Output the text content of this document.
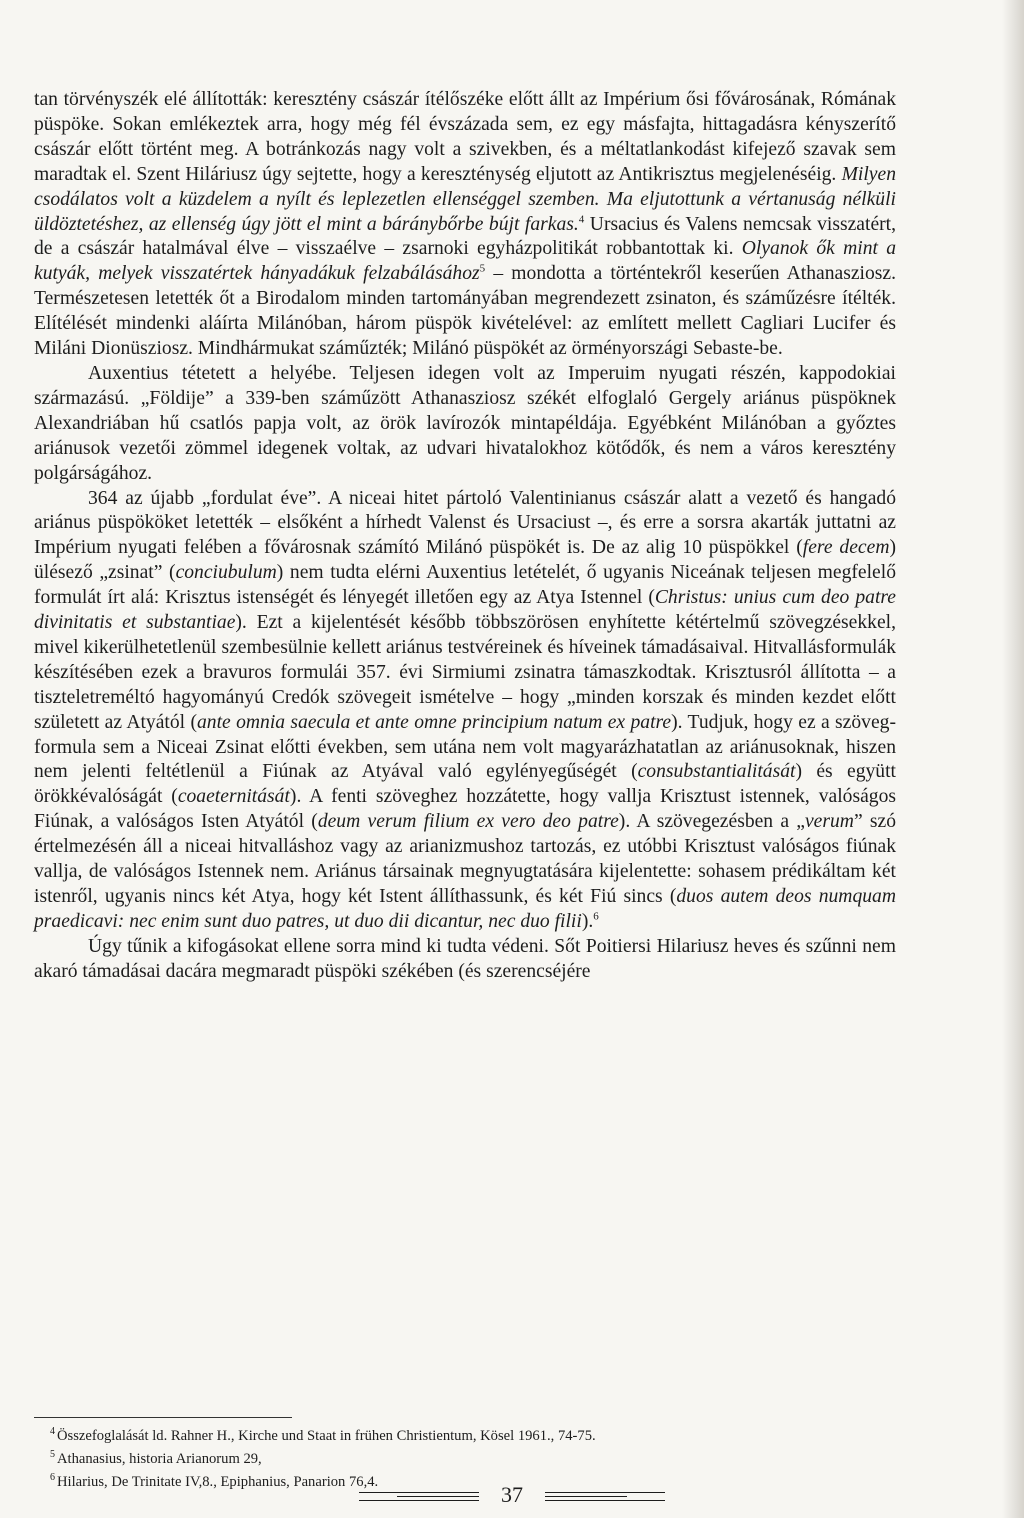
tan törvényszék elé állították: keresztény császár ítélőszéke előtt állt az Impérium ősi fővárosának, Rómának püspöke. Sokan emlékeztek arra, hogy még fél évszázada sem, ez egy másfajta, hittagadásra kényszerítő császár előtt történt meg. A botránkozás nagy volt a szivekben, és a méltatlankodást kifejező szavak sem maradtak el. Szent Hiláriusz úgy sejtette, hogy a kereszténység eljutott az Antikrisztus megjelenéséig. Milyen csodálatos volt a küzdelem a nyílt és leplezetlen ellenséggel szemben. Ma eljutottunk a vértanuság nélküli üldöztetéshez, az ellenség úgy jött el mint a báránybőrbe bújt farkas.$^4$ Ursacius és Valens nemcsak visszatért, de a császár hatalmával élve – visszaélve – zsarnoki egyházpolitikát robbantottak ki. Olyanok ők mint a kutyák, melyek visszatértek hányadákuk felzabálásához$^5$ – mondotta a történtekről keserűen Athanasziosz. Természetesen letették őt a Birodalom minden tartományában megrendezett zsinaton, és száműzésre ítélték. Elítélését mindenki aláírta Milánóban, három püspök kivételével: az említett mellett Cagliari Lucifer és Miláni Dionüsziosz. Mindhármukat száműzték; Milánó püspökét az örményországi Sebaste-be.

Auxentius tétetett a helyébe. Teljesen idegen volt az Imperuim nyugati részén, kappodokiai származású. „Földije” a 339-ben száműzött Athanasziosz székét elfoglaló Gergely ariánus püspöknek Alexandriában hű csatlós papja volt, az örök lavírozók mintapéldája. Egyébként Milánóban a győztes ariánusok vezetői zömmel idegenek voltak, az udvari hivatalokhoz kötődők, és nem a város keresztény polgárságához.

364 az újabb „fordulat éve”. A niceai hitet pártoló Valentinianus császár alatt a vezető és hangadó ariánus püspököket letették – elsőként a hírhedt Valenst és Ursaciust –, és erre a sorsra akarták juttatni az Impérium nyugati felében a fővárosnak számító Milánó püspökét is. De az alig 10 püspökkel (fere decem) ülésező „zsinat” (conciubulum) nem tudta elérni Auxentius letételét, ő ugyanis Niceának teljesen megfelelő formulát írt alá: Krisztus istenségét és lényegét illetően egy az Atya Istennel (Christus: unius cum deo patre divinitatis et substantiae). Ezt a kijelentését később többszörösen enyhítette kétértelmű szövegzésekkel, mivel kikerülhetetlenül szembesülnie kellett ariánus testvéreinek és híveinek támadásaival. Hitvallásformulák készítésében ezek a bravuros formulái 357. évi Sirmiumi zsinatra támaszkodtak. Krisztusról állította – a tiszteletreméltó hagyományú Credók szövegeit ismételve – hogy „minden korszak és minden kezdet előtt született az Atyától (ante omnia saecula et ante omne principium natum ex patre). Tudjuk, hogy ez a szövegformula sem a Niceai Zsinat előtti években, sem utána nem volt magyarázhatatlan az ariánusoknak, hiszen nem jelenti feltétlenül a Fiúnak az Atyával való egylényegűségét (consubstantialitását) és együtt örökkévalóságát (coaeternitását). A fenti szöveghez hozzátette, hogy vallja Krisztust istennek, valóságos Fiúnak, a valóságos Isten Atyától (deum verum filium ex vero deo patre). A szövegezésben a „verum” szó értelmezésén áll a niceai hitvalláshoz vagy az arianizmushoz tartozás, ez utóbbi Krisztust valóságos fiúnak vallja, de valóságos Istennek nem. Ariánus társainak megnyugtatására kijelentette: sohasem prédikáltam két istenről, ugyanis nincs két Atya, hogy két Istent állíthassunk, és két Fiú sincs (duos autem deos numquam praedicavi: nec enim sunt duo patres, ut duo dii dicantur, nec duo filii).$^6$

Úgy tűnik a kifogásokat ellene sorra mind ki tudta védeni. Sőt Poitiersi Hilariusz heves és szűnni nem akaró támadásai dacára megmaradt püspöki székében (és szerencséjére

$^4$ Összefoglalását ld. Rahner H., Kirche und Staat in frühen Christientum, Kösel 1961., 74-75.

$^5$ Athanasius, historia Arianorum 29,

$^6$ Hilarius, De Trinitate IV,8., Epiphanius, Panarion 76,4.	37
